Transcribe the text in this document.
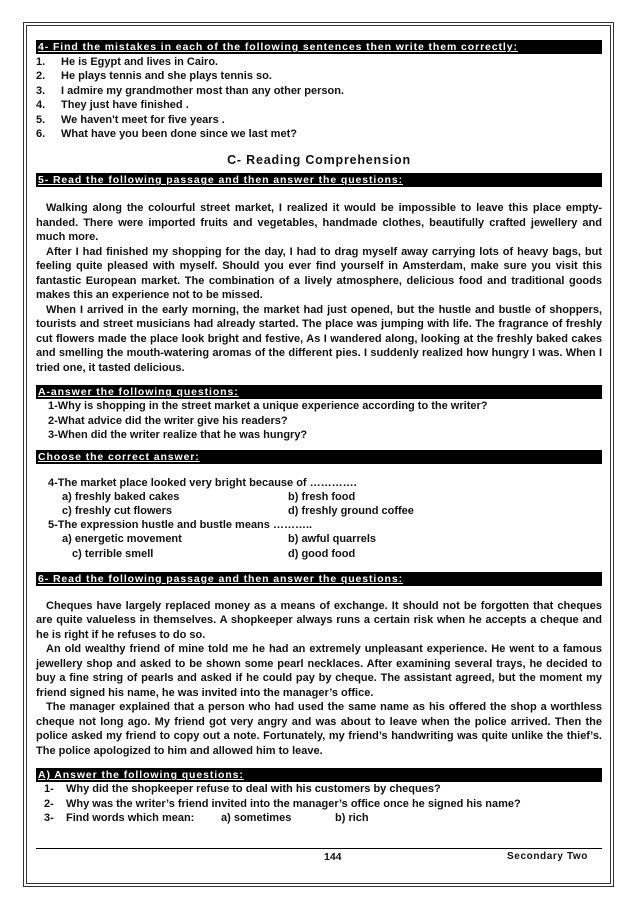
4- Find the mistakes in each of the following sentences then write them correctly:
1.	He is Egypt and lives in Cairo.
2.	He plays tennis and she plays tennis so.
3.	I admire my grandmother most than any other person.
4.	They just have finished .
5.	We haven't meet for five years .
6.	What have you been done since we last met?
C- Reading Comprehension
5- Read the following passage and then answer the questions:

Walking along the colourful street market, I realized it would be impossible to leave this place empty-handed. There were imported fruits and vegetables, handmade clothes, beautifully crafted jewellery and much more.

After I had finished my shopping for the day, I had to drag myself away carrying lots of heavy bags, but feeling quite pleased with myself. Should you ever find yourself in Amsterdam, make sure you visit this fantastic European market. The combination of a lively atmosphere, delicious food and traditional goods makes this an experience not to be missed.

When I arrived in the early morning, the market had just opened, but the hustle and bustle of shoppers, tourists and street musicians had already started. The place was jumping with life. The fragrance of freshly cut flowers made the place look bright and festive, As I wandered along, looking at the freshly baked cakes and smelling the mouth-watering aromas of the different pies. I suddenly realized how hungry I was. When I tried one, it tasted delicious.

A-answer the following questions:
1-Why is shopping in the street market a unique experience according to the writer?
2-What advice did the writer give his readers?
3-When did the writer realize that he was hungry?
Choose the correct answer:
4-The market place looked very bright because of ………….
a) freshly baked cakes	b) fresh food
c) freshly cut flowers	d) freshly ground coffee
5-The expression hustle and bustle means ………..
a) energetic movement	b) awful quarrels
c) terrible smell	d) good food
6- Read the following passage and then answer the questions:

Cheques have largely replaced money as a means of exchange. It should not be forgotten that cheques are quite valueless in themselves. A shopkeeper always runs a certain risk when he accepts a cheque and he is right if he refuses to do so.

An old wealthy friend of mine told me he had an extremely unpleasant experience. He went to a famous jewellery shop and asked to be shown some pearl necklaces. After examining several trays, he decided to buy a fine string of pearls and asked if he could pay by cheque. The assistant agreed, but the moment my friend signed his name, he was invited into the manager’s office.

The manager explained that a person who had used the same name as his offered the shop a worthless cheque not long ago. My friend got very angry and was about to leave when the police arrived. Then the police asked my friend to copy out a note. Fortunately, my friend’s handwriting was quite unlike the thief’s. The police apologized to him and allowed him to leave.

A) Answer the following questions:
1-	Why did the shopkeeper refuse to deal with his customers by cheques?
2-	Why was the writer’s friend invited into the manager’s office once he signed his name?
3-	Find words which mean:	a) sometimes	b) rich
144	Secondary Two
